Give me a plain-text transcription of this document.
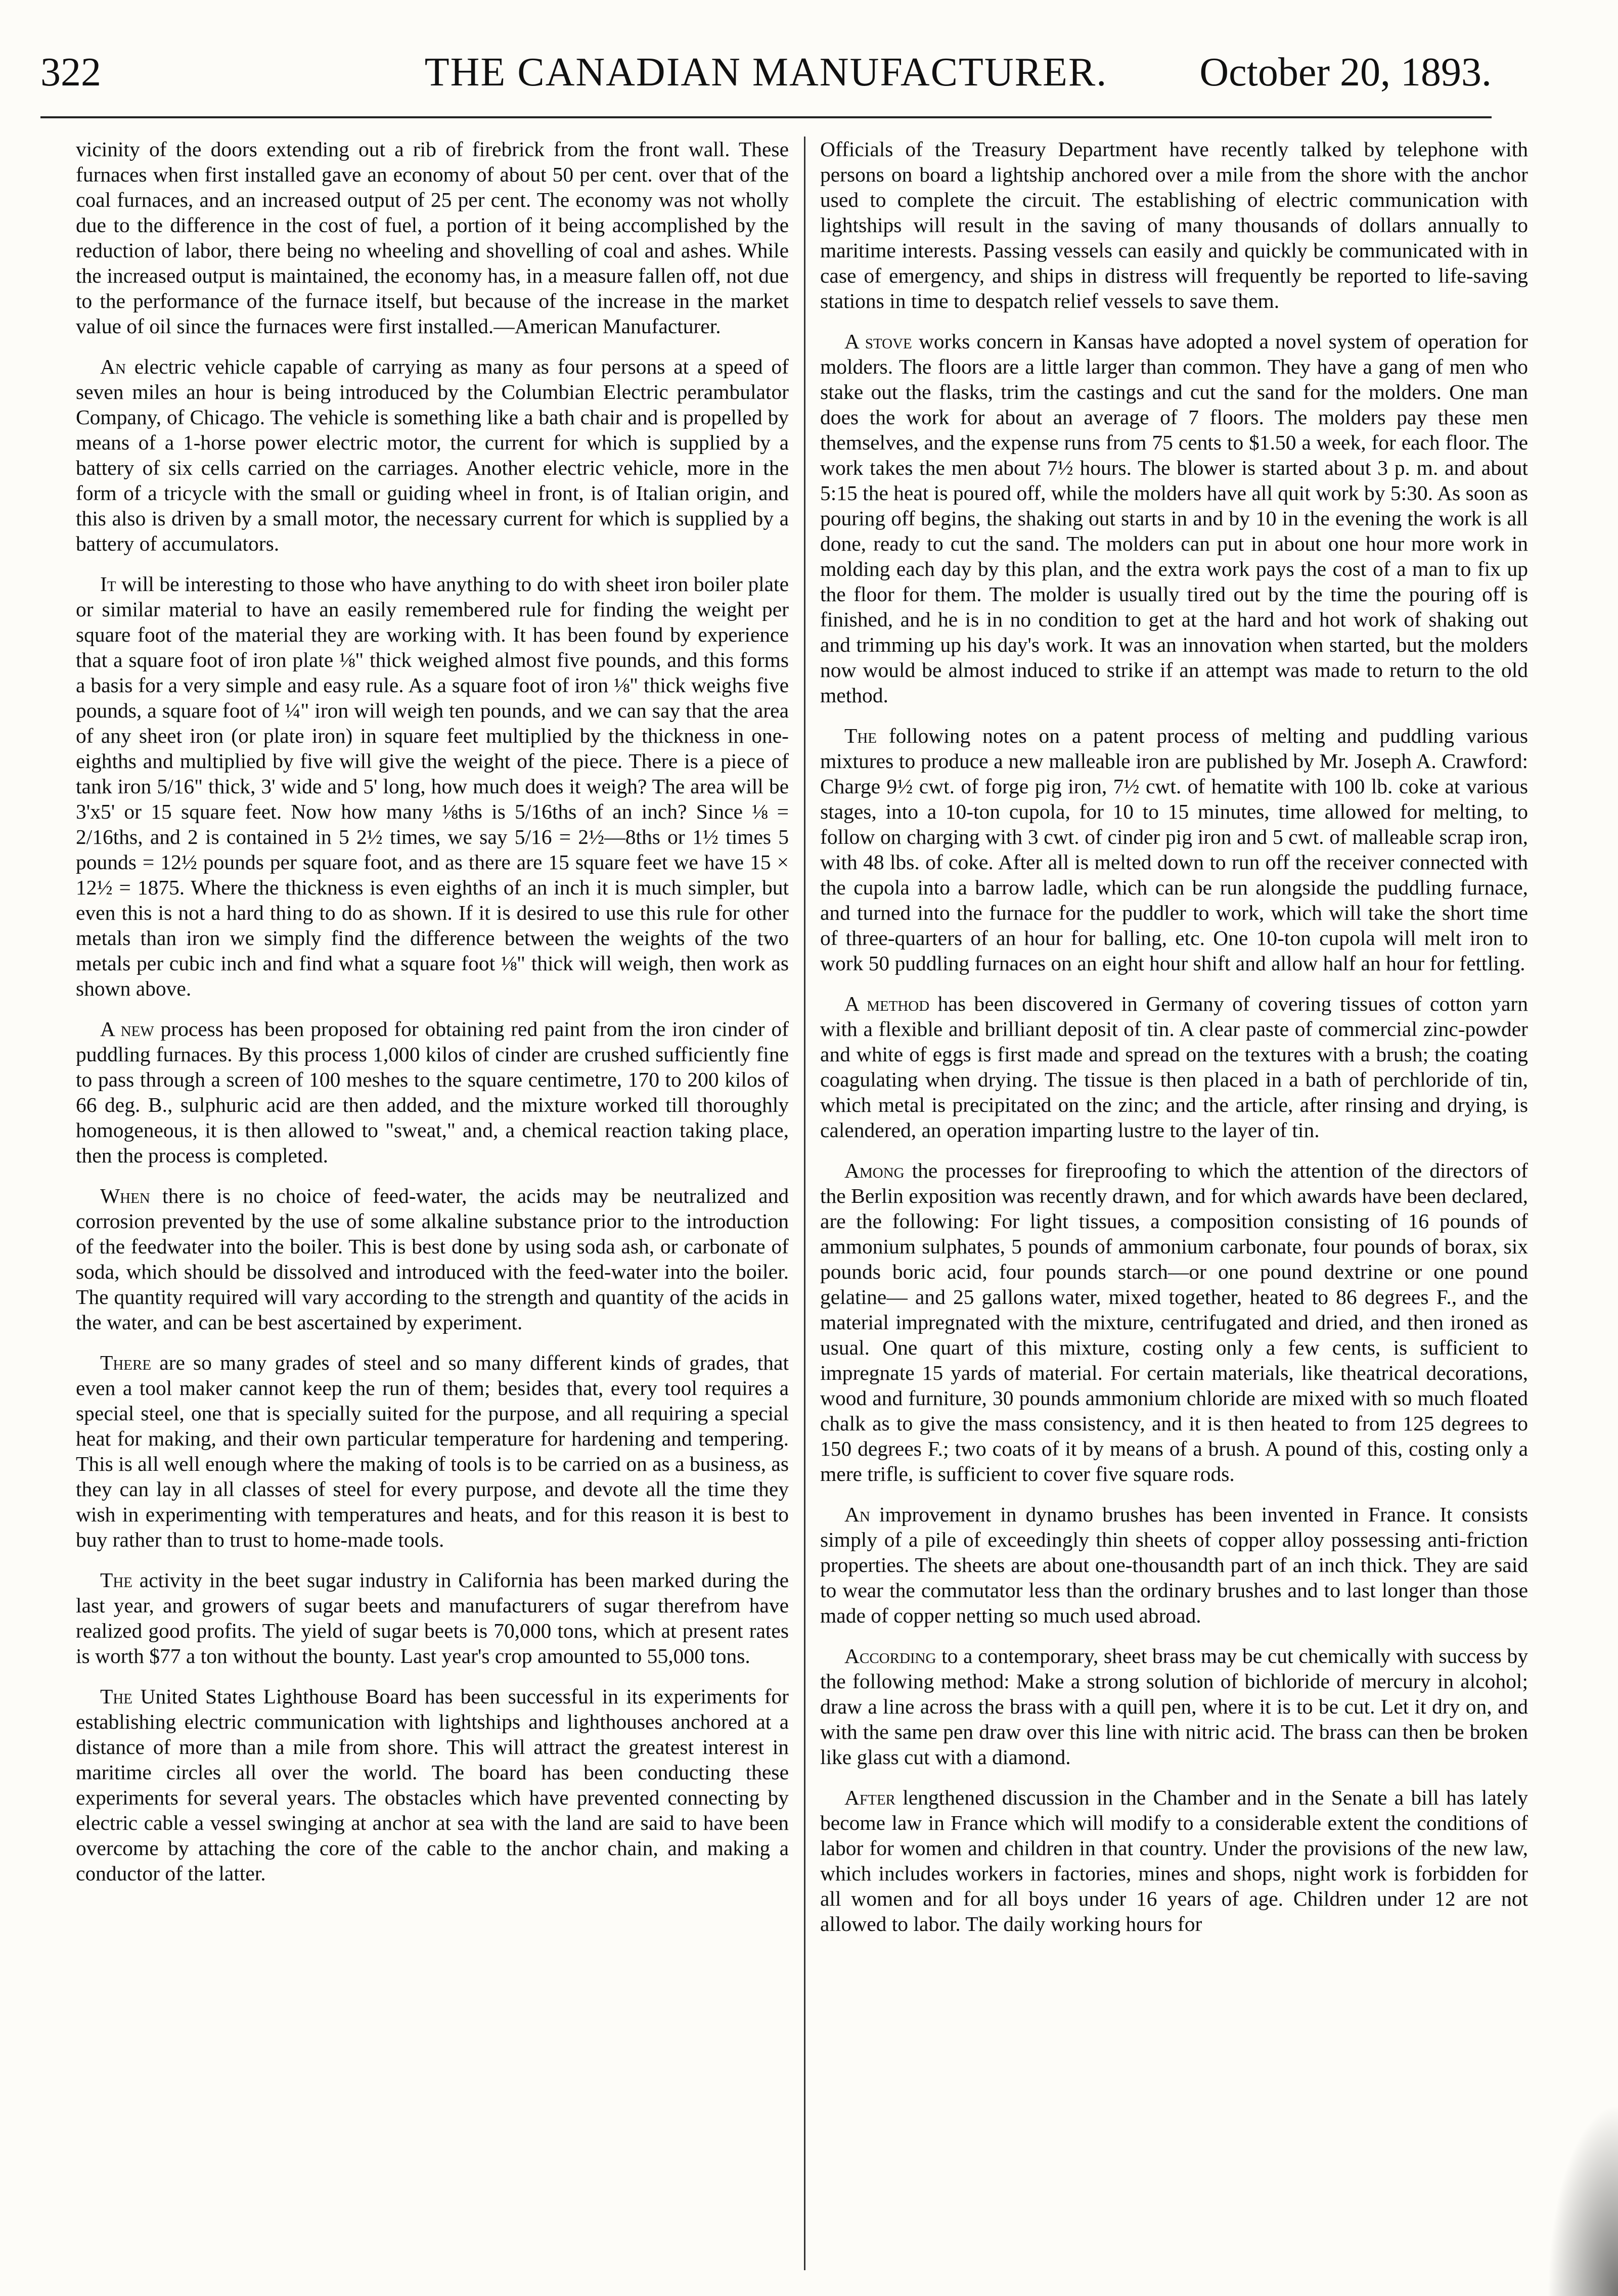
322	THE CANADIAN MANUFACTURER.	October 20, 1893.

vicinity of the doors extending out a rib of firebrick from the front wall. These furnaces when first installed gave an economy of about 50 per cent. over that of the coal furnaces, and an increased output of 25 per cent. The economy was not wholly due to the difference in the cost of fuel, a portion of it being accomplished by the reduction of labor, there being no wheeling and shovelling of coal and ashes. While the increased output is maintained, the economy has, in a measure fallen off, not due to the performance of the furnace itself, but because of the increase in the market value of oil since the furnaces were first installed.—American Manufacturer.

An electric vehicle capable of carrying as many as four persons at a speed of seven miles an hour is being introduced by the Columbian Electric perambulator Company, of Chicago. The vehicle is something like a bath chair and is propelled by means of a 1-horse power electric motor, the current for which is supplied by a battery of six cells carried on the carriages. Another electric vehicle, more in the form of a tricycle with the small or guiding wheel in front, is of Italian origin, and this also is driven by a small motor, the necessary current for which is supplied by a battery of accumulators.

It will be interesting to those who have anything to do with sheet iron boiler plate or similar material to have an easily remembered rule for finding the weight per square foot of the material they are working with. It has been found by experience that a square foot of iron plate ⅛" thick weighed almost five pounds, and this forms a basis for a very simple and easy rule. As a square foot of iron ⅛" thick weighs five pounds, a square foot of ¼" iron will weigh ten pounds, and we can say that the area of any sheet iron (or plate iron) in square feet multiplied by the thickness in one-eighths and multiplied by five will give the weight of the piece. There is a piece of tank iron 5/16" thick, 3' wide and 5' long, how much does it weigh? The area will be 3'x5' or 15 square feet. Now how many ⅛ths is 5/16ths of an inch? Since ⅛ = 2/16ths, and 2 is contained in 5 2½ times, we say 5/16 = 2½—8ths or 1½ times 5 pounds = 12½ pounds per square foot, and as there are 15 square feet we have 15 × 12½ = 1875. Where the thickness is even eighths of an inch it is much simpler, but even this is not a hard thing to do as shown. If it is desired to use this rule for other metals than iron we simply find the difference between the weights of the two metals per cubic inch and find what a square foot ⅛" thick will weigh, then work as shown above.

A new process has been proposed for obtaining red paint from the iron cinder of puddling furnaces. By this process 1,000 kilos of cinder are crushed sufficiently fine to pass through a screen of 100 meshes to the square centimetre, 170 to 200 kilos of 66 deg. B., sulphuric acid are then added, and the mixture worked till thoroughly homogeneous, it is then allowed to "sweat," and, a chemical reaction taking place, then the process is completed.

When there is no choice of feed-water, the acids may be neutralized and corrosion prevented by the use of some alkaline substance prior to the introduction of the feedwater into the boiler. This is best done by using soda ash, or carbonate of soda, which should be dissolved and introduced with the feed-water into the boiler. The quantity required will vary according to the strength and quantity of the acids in the water, and can be best ascertained by experiment.

There are so many grades of steel and so many different kinds of grades, that even a tool maker cannot keep the run of them; besides that, every tool requires a special steel, one that is specially suited for the purpose, and all requiring a special heat for making, and their own particular temperature for hardening and tempering. This is all well enough where the making of tools is to be carried on as a business, as they can lay in all classes of steel for every purpose, and devote all the time they wish in experimenting with temperatures and heats, and for this reason it is best to buy rather than to trust to home-made tools.

The activity in the beet sugar industry in California has been marked during the last year, and growers of sugar beets and manufacturers of sugar therefrom have realized good profits. The yield of sugar beets is 70,000 tons, which at present rates is worth $77 a ton without the bounty. Last year's crop amounted to 55,000 tons.

The United States Lighthouse Board has been successful in its experiments for establishing electric communication with lightships and lighthouses anchored at a distance of more than a mile from shore. This will attract the greatest interest in maritime circles all over the world. The board has been conducting these experiments for several years. The obstacles which have prevented connecting by electric cable a vessel swinging at anchor at sea with the land are said to have been overcome by attaching the core of the cable to the anchor chain, and making a conductor of the latter.

Officials of the Treasury Department have recently talked by telephone with persons on board a lightship anchored over a mile from the shore with the anchor used to complete the circuit. The establishing of electric communication with lightships will result in the saving of many thousands of dollars annually to maritime interests. Passing vessels can easily and quickly be communicated with in case of emergency, and ships in distress will frequently be reported to life-saving stations in time to despatch relief vessels to save them.

A stove works concern in Kansas have adopted a novel system of operation for molders. The floors are a little larger than common. They have a gang of men who stake out the flasks, trim the castings and cut the sand for the molders. One man does the work for about an average of 7 floors. The molders pay these men themselves, and the expense runs from 75 cents to $1.50 a week, for each floor. The work takes the men about 7½ hours. The blower is started about 3 p. m. and about 5:15 the heat is poured off, while the molders have all quit work by 5:30. As soon as pouring off begins, the shaking out starts in and by 10 in the evening the work is all done, ready to cut the sand. The molders can put in about one hour more work in molding each day by this plan, and the extra work pays the cost of a man to fix up the floor for them. The molder is usually tired out by the time the pouring off is finished, and he is in no condition to get at the hard and hot work of shaking out and trimming up his day's work. It was an innovation when started, but the molders now would be almost induced to strike if an attempt was made to return to the old method.

The following notes on a patent process of melting and puddling various mixtures to produce a new malleable iron are published by Mr. Joseph A. Crawford: Charge 9½ cwt. of forge pig iron, 7½ cwt. of hematite with 100 lb. coke at various stages, into a 10-ton cupola, for 10 to 15 minutes, time allowed for melting, to follow on charging with 3 cwt. of cinder pig iron and 5 cwt. of malleable scrap iron, with 48 lbs. of coke. After all is melted down to run off the receiver connected with the cupola into a barrow ladle, which can be run alongside the puddling furnace, and turned into the furnace for the puddler to work, which will take the short time of three-quarters of an hour for balling, etc. One 10-ton cupola will melt iron to work 50 puddling furnaces on an eight hour shift and allow half an hour for fettling.

A method has been discovered in Germany of covering tissues of cotton yarn with a flexible and brilliant deposit of tin. A clear paste of commercial zinc-powder and white of eggs is first made and spread on the textures with a brush; the coating coagulating when drying. The tissue is then placed in a bath of perchloride of tin, which metal is precipitated on the zinc; and the article, after rinsing and drying, is calendered, an operation imparting lustre to the layer of tin.

Among the processes for fireproofing to which the attention of the directors of the Berlin exposition was recently drawn, and for which awards have been declared, are the following: For light tissues, a composition consisting of 16 pounds of ammonium sulphates, 5 pounds of ammonium carbonate, four pounds of borax, six pounds boric acid, four pounds starch—or one pound dextrine or one pound gelatine— and 25 gallons water, mixed together, heated to 86 degrees F., and the material impregnated with the mixture, centrifugated and dried, and then ironed as usual. One quart of this mixture, costing only a few cents, is sufficient to impregnate 15 yards of material. For certain materials, like theatrical decorations, wood and furniture, 30 pounds ammonium chloride are mixed with so much floated chalk as to give the mass consistency, and it is then heated to from 125 degrees to 150 degrees F.; two coats of it by means of a brush. A pound of this, costing only a mere trifle, is sufficient to cover five square rods.

An improvement in dynamo brushes has been invented in France. It consists simply of a pile of exceedingly thin sheets of copper alloy possessing anti-friction properties. The sheets are about one-thousandth part of an inch thick. They are said to wear the commutator less than the ordinary brushes and to last longer than those made of copper netting so much used abroad.

According to a contemporary, sheet brass may be cut chemically with success by the following method: Make a strong solution of bichloride of mercury in alcohol; draw a line across the brass with a quill pen, where it is to be cut. Let it dry on, and with the same pen draw over this line with nitric acid. The brass can then be broken like glass cut with a diamond.

After lengthened discussion in the Chamber and in the Senate a bill has lately become law in France which will modify to a considerable extent the conditions of labor for women and children in that country. Under the provisions of the new law, which includes workers in factories, mines and shops, night work is forbidden for all women and for all boys under 16 years of age. Children under 12 are not allowed to labor. The daily working hours for
